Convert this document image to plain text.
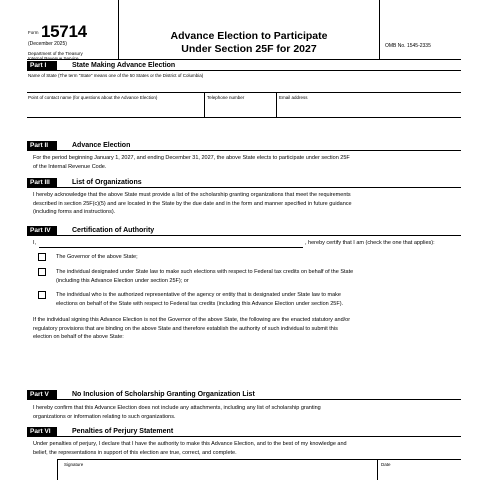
Form 15714
(December 2025)
Department of the Treasury
Internal Revenue Service
Advance Election to Participate
Under Section 25F for 2027	OMB No. 1545-2335
Part I	State Making Advance Election
Name of State (The term "State" means one of the 50 States or the District of Columbia)
Point of contact name (for questions about the Advance Election)	Telephone number	Email address
Part II	Advance Election
For the period beginning January 1, 2027, and ending December 31, 2027, the above State elects to participate under section 25F
of the Internal Revenue Code.
Part III	List of Organizations
I hereby acknowledge that the above State must provide a list of the scholarship granting organizations that meet the requirements
described in section 25F(c)(5) and are located in the State by the due date and in the form and manner specified in future guidance
(including forms and instructions).
Part IV	Certification of Authority
I,	, hereby certify that I am (check the one that applies):
The Governor of the above State;
The individual designated under State law to make such elections with respect to Federal tax credits on behalf of the State
(including this Advance Election under section 25F); or
The individual who is the authorized representative of the agency or entity that is designated under State law to make
elections on behalf of the State with respect to Federal tax credits (including this Advance Election under section 25F).
If the individual signing this Advance Election is not the Governor of the above State, the following are the enacted statutory and/or
regulatory provisions that are binding on the above State and therefore establish the authority of such individual to submit this
election on behalf of the above State:
Part V	No Inclusion of Scholarship Granting Organization List
I hereby confirm that this Advance Election does not include any attachments, including any list of scholarship granting
organizations or information relating to such organizations.
Part VI	Penalties of Perjury Statement
Under penalties of perjury, I declare that I have the authority to make this Advance Election, and to the best of my knowledge and
belief, the representations in support of this election are true, correct, and complete.
Signature	Date
